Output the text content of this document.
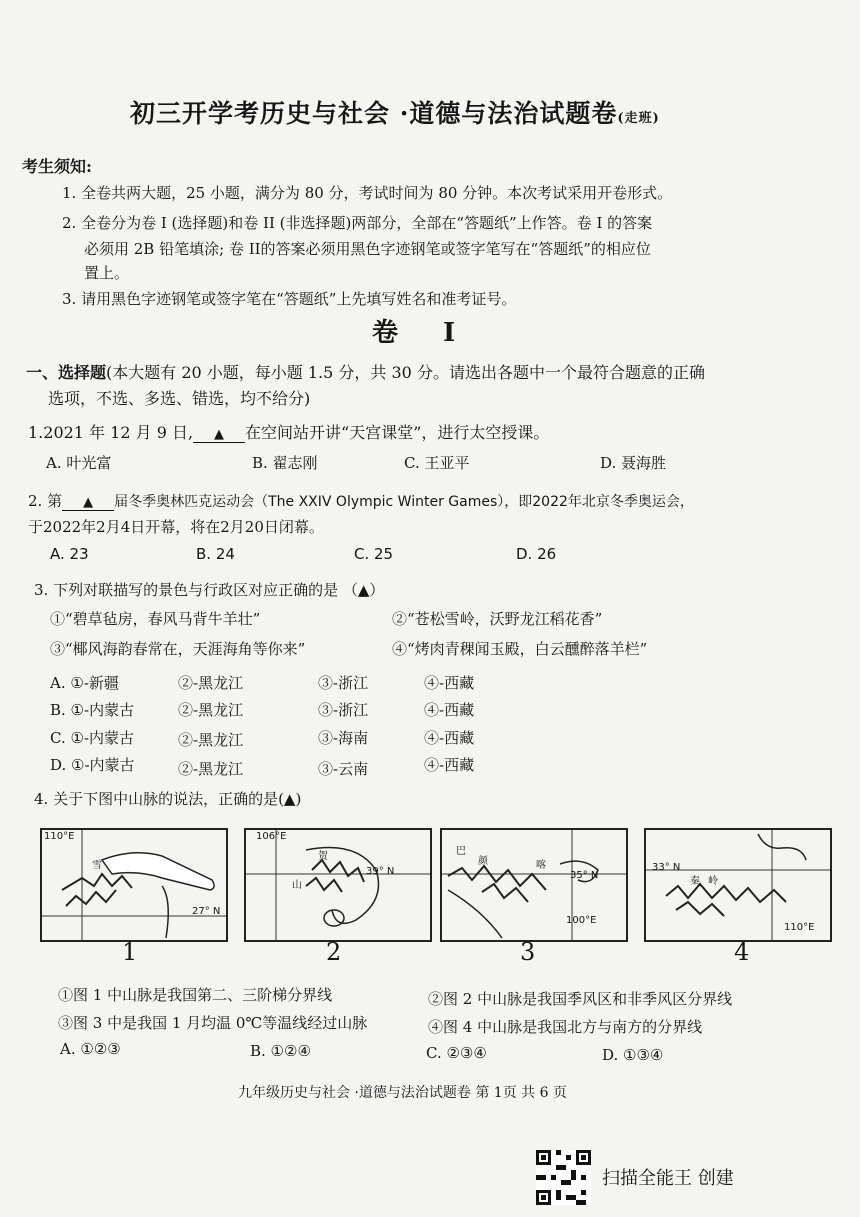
初三开学考历史与社会 ·道德与法治试题卷(走班)
考生须知:
1. 全卷共两大题，25 小题，满分为 80 分，考试时间为 80 分钟。本次考试采用开卷形式。
2. 全卷分为卷 I (选择题)和卷 II (非选择题)两部分，全部在“答题纸”上作答。卷 I 的答案
必须用 2B 铅笔填涂; 卷 II的答案必须用黑色字迹钢笔或签字笔写在“答题纸”的相应位
置上。
3. 请用黑色字迹钢笔或签字笔在“答题纸”上先填写姓名和准考证号。
卷 I
一、选择题(本大题有 20 小题，每小题 1.5 分，共 30 分。请选出各题中一个最符合题意的正确
选项，不选、多选、错选，均不给分)
1.2021 年 12 月 9 日, ▲ 在空间站开讲“天宫课堂”，进行太空授课。
A. 叶光富	B. 翟志刚	C. 王亚平	D. 聂海胜
2. 第 ▲ 届冬季奥林匹克运动会（The XXIV Olympic Winter Games），即2022年北京冬季奥运会，
于2022年2月4日开幕，将在2月20日闭幕。
A. 23	B. 24	C. 25	D. 26
3. 下列对联描写的景色与行政区对应正确的是 （▲）
①“碧草毡房，春风马背牛羊壮”	②“苍松雪岭，沃野龙江稻花香”
③“椰风海韵春常在，天涯海角等你来”	④“烤肉青稞闻玉殿，白云醺醉落羊栏”
A. ①-新疆	②-黑龙江	③-浙江	④-西藏
B. ①-内蒙古	②-黑龙江	③-浙江	④-西藏
C. ①-内蒙古	②-黑龙江	③-海南	④-西藏
D. ①-内蒙古	②-黑龙江	③-云南	④-西藏
4. 关于下图中山脉的说法，正确的是(▲)
110°E
雪
27° N
1
106°E
贺
山
39° N
2
巴
颜	喀
35° N
100°E
3
33° N
秦 岭
110°E
4
①图 1 中山脉是我国第二、三阶梯分界线	②图 2 中山脉是我国季风区和非季风区分界线
③图 3 中是我国 1 月均温 0℃等温线经过山脉	④图 4 中山脉是我国北方与南方的分界线
A. ①②③	B. ①②④	C. ②③④	D. ①③④
九年级历史与社会 ·道德与法治试题卷 第 1页 共 6 页
扫描全能王 创建
